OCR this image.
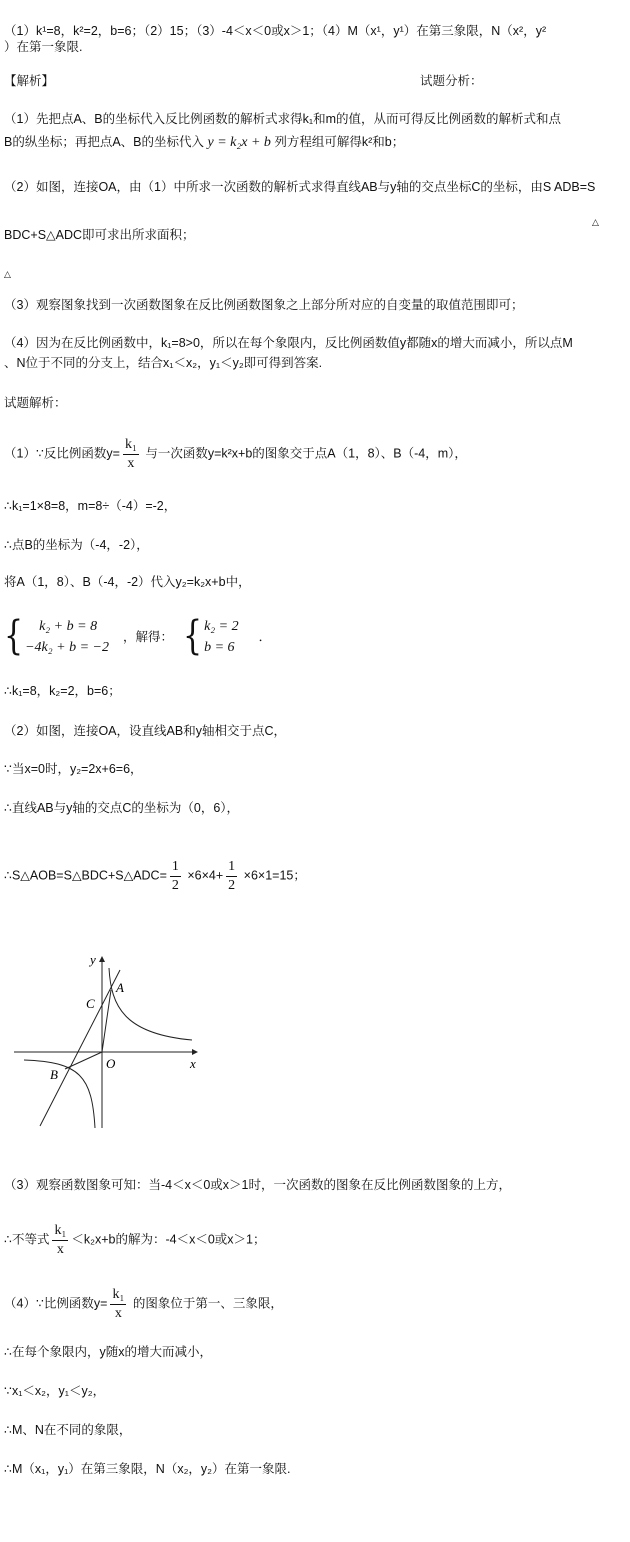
（1）k¹=8，k²=2，b=6；（2）15；（3）-4＜x＜0或x＞1；（4）M（x¹，y¹）在第三象限，N（x²，y²
）在第一象限.
【解析】	试题分析：
（1）先把点A、B的坐标代入反比例函数的解析式求得k₁和m的值，从而可得反比例函数的解析式和点
B的纵坐标；再把点A、B的坐标代入 y = k₂x + b 列方程组可解得k²和b；
（2）如图，连接OA，由（1）中所求一次函数的解析式求得直线AB与y轴的交点坐标C的坐标，由S ADB=S
△
BDC+S△ADC即可求出所求面积；
△
（3）观察图象找到一次函数图象在反比例函数图象之上部分所对应的自变量的取值范围即可；
（4）因为在反比例函数中，k₁=8>0，所以在每个象限内，反比例函数值y都随x的增大而减小，所以点M
、N位于不同的分支上，结合x₁＜x₂，y₁＜y₂即可得到答案.
试题解析：
（1）∵反比例函数$y= \frac{\text{k₁}}{x}$ 与一次函数y=k²x+b的图象交于点A（1，8）、B（-4，m），
∴k₁=1×8=8，m=8÷（-4）=-2，
∴点B的坐标为（-4，-2），
将A（1，8）、B（-4，-2）代入y₂=k₂x+b中，
{	k₂ + b = 8
−4k₂ + b = −2
，解得： { k₂ = 2
b = 6
．
∴k₁=8，k₂=2，b=6；
（2）如图，连接OA，设直线AB和y轴相交于点C，
∵当x=0时，y₂=2x+6=6，
∴直线AB与y轴的交点C的坐标为（0，6），
∴S△AOB=S△BDC+S△ADC= $\frac{1}{2} \times 6\times 4+ \frac{1}{2} \times 6\times 1=15$；
y
x
O
A
B
C
（3）观察函数图象可知：当-4＜x＜0或x＞1时，一次函数的图象在反比例函数图象的上方，
∴不等式 $\frac{\text{k₁}}{x} <k_2x+b$的解为：-4＜x＜0或x＞1；
（4）∵比例函数$y= \frac{\text{k₁}}{x}$ 的图象位于第一、三象限，
∴在每个象限内，y随x的增大而减小，
∵x₁＜x₂，y₁＜y₂，
∴M、N在不同的象限，
∴M（x₁，y₁）在第三象限，N（x₂，y₂）在第一象限.
